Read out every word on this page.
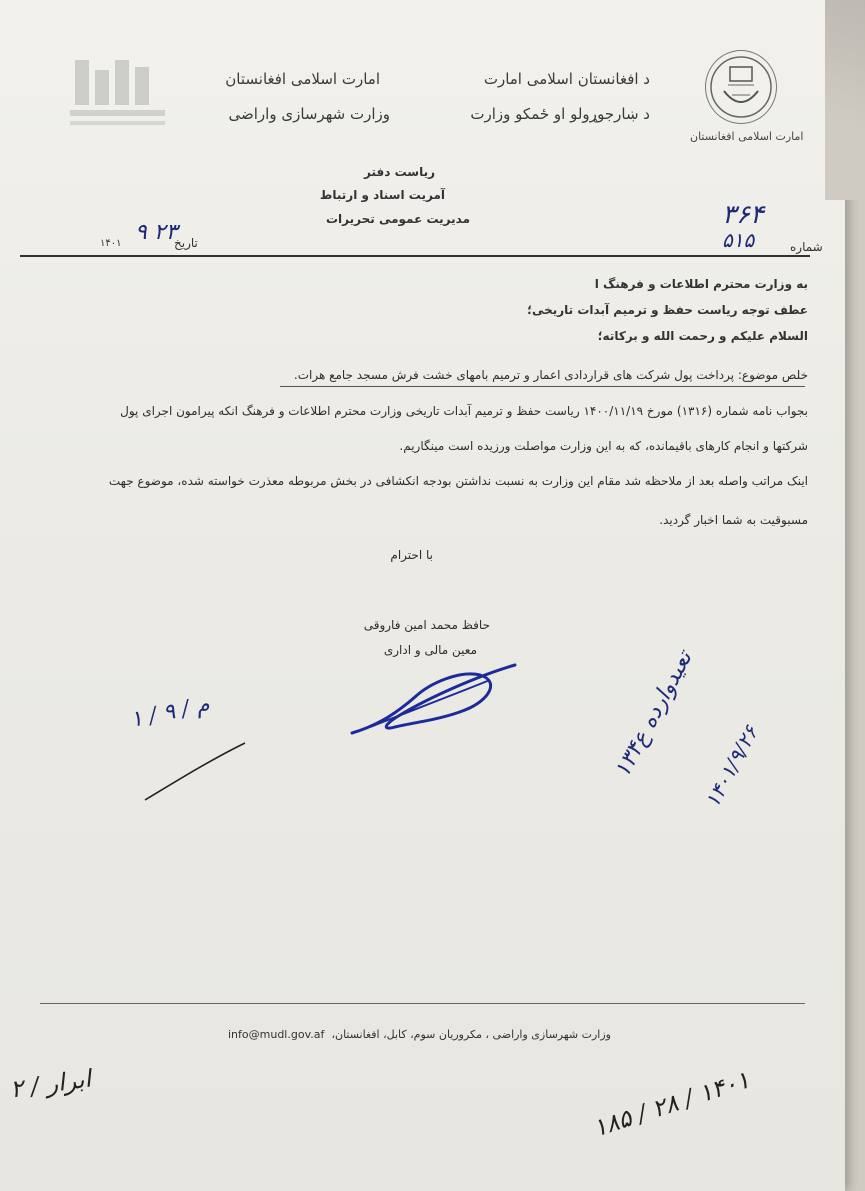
امارت اسلامی افغانستان
د افغانستان اسلامی امارت
د ښارجوړولو او ځمکو وزارت
امارت اسلامی افغانستان
وزارت شهرسازی واراضی
ریاست دفتر
آمریت اسناد و ارتباط
مدیریت عمومی تحریرات
شماره
۳۶۴
۵۱۵
تاریخ
۹ ۲۳
۱۴۰۱
به وزارت محترم اطلاعات و فرهنگ ا
عطف توجه ریاست حفظ و ترمیم آبدات تاریخی؛
السلام علیکم و رحمت الله و برکاته؛
خلص موضوع: پرداخت پول شرکت های قراردادی اعمار و ترمیم بامهای خشت فرش مسجد جامع هرات.
بجواب نامه شماره (۱۳۱۶) مورخ ۱۴۰۰/۱۱/۱۹ ریاست حفظ و ترمیم آبدات تاریخی وزارت محترم اطلاعات و فرهنگ انکه پیرامون اجرای پول
شرکتها و انجام کارهای باقیمانده، که به این وزارت مواصلت ورزیده است مینگاریم.
اینک مراتب واصله بعد از ملاحظه شد مقام این وزارت به نسبت نداشتن بودجه انکشافی در بخش مربوطه معذرت خواسته شده، موضوع جهت
مسبوقیت به شما اخبار گردید.
با احترام
حافظ محمد امین فاروقی
معین مالی و اداری
۱ / ۹ / م
تعیدوارده ع‌۱۳۴
۱۴۰۱/۹/۲۶
وزارت شهرسازی واراضی ، مکروریان سوم، کابل، افغانستان،
info@mudl.gov.af
ابرار / ۲	۱۸۵ / ۲۸ / ۱۴۰۱
